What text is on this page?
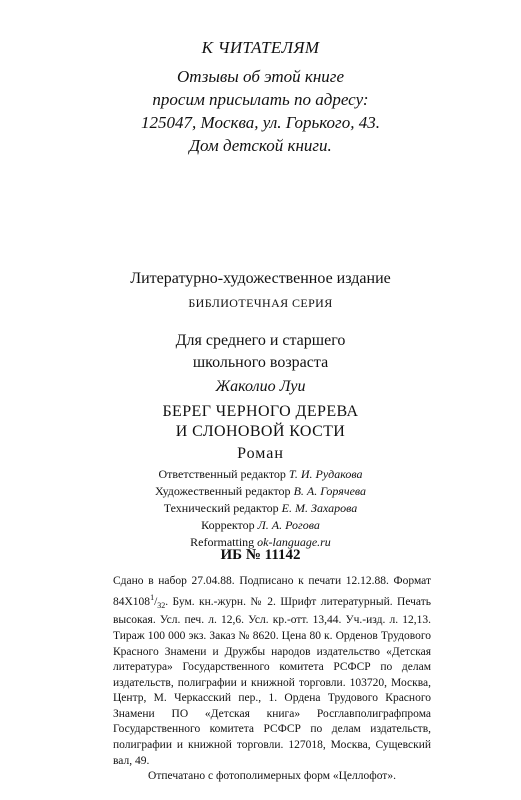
К ЧИТАТЕЛЯМ
Отзывы об этой книге
просим присылать по адресу:
125047, Москва, ул. Горького, 43.
Дом детской книги.
Литературно-художественное издание
БИБЛИОТЕЧНАЯ СЕРИЯ
Для среднего и старшего
школьного возраста
Жаколио Луи
БЕРЕГ ЧЕРНОГО ДЕРЕВА
И СЛОНОВОЙ КОСТИ
Роман
Ответственный редактор Т. И. Рудакова
Художественный редактор В. А. Горячева
Технический редактор Е. М. Захарова
Корректор Л. А. Рогова
Reformatting ok-language.ru
ИБ № 11142
Сдано в набор 27.04.88. Подписано к печати 12.12.88. Формат $84Х108^1/_{32}$. Бум. кн.-журн. № 2. Шрифт литературный. Печать высокая. Усл. печ. л. 12,6. Усл. кр.-отт. 13,44. Уч.-изд. л. 12,13. Тираж 100 000 экз. Заказ № 8620. Цена 80 к. Орденов Трудового Красного Знамени и Дружбы народов издательство «Детская литература» Государственного комитета РСФСР по делам издательств, полиграфии и книжной торговли. 103720, Москва, Центр, М. Черкасский пер., 1. Ордена Трудового Красного Знамени ПО «Детская книга» Росглавполиграфпрома Государственного комитета РСФСР по делам издательств, полиграфии и книжной торговли. 127018, Москва, Сущевский вал, 49.
Отпечатано с фотополимерных форм «Целлофот».
